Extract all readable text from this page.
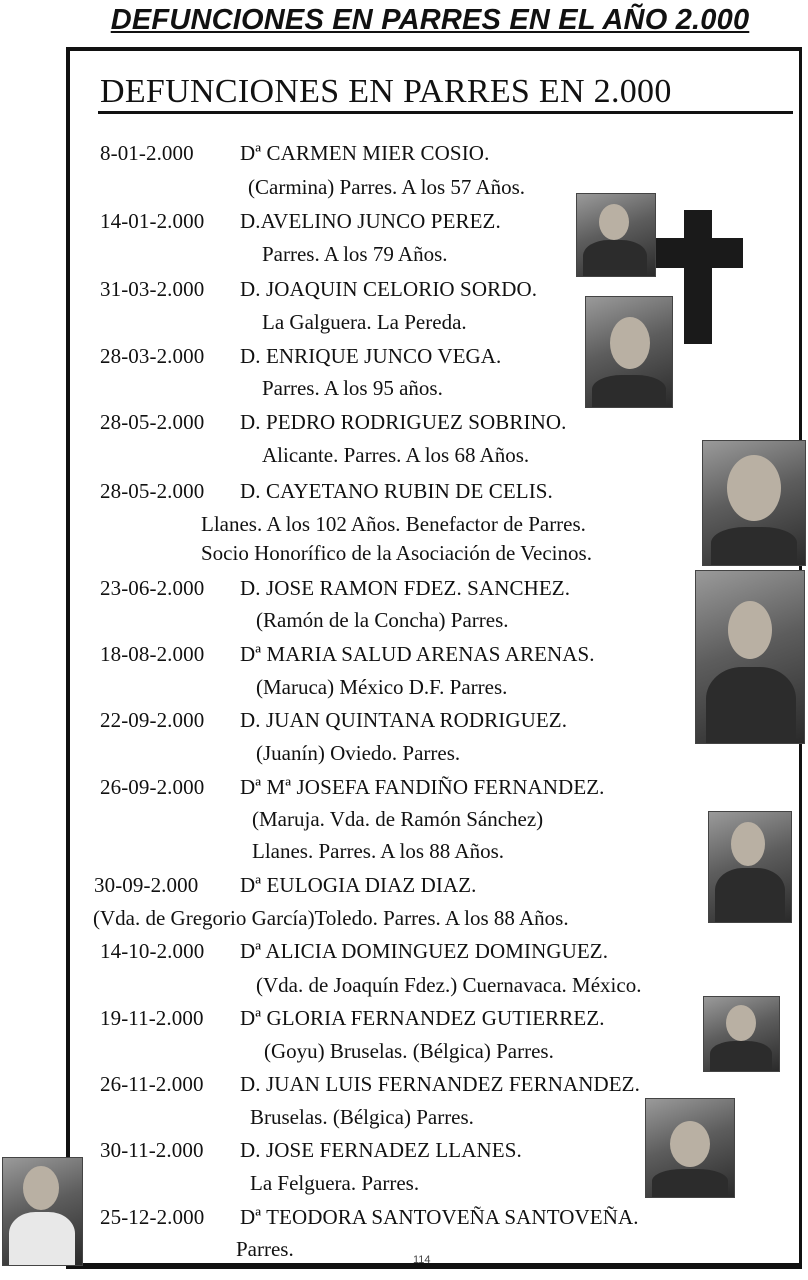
DEFUNCIONES EN PARRES EN EL AÑO 2.000
DEFUNCIONES EN PARRES EN 2.000
8-01-2.000 Dª CARMEN MIER COSIO.
(Carmina) Parres. A los 57 Años.
14-01-2.000 D.AVELINO JUNCO PEREZ.
Parres. A los 79 Años.
31-03-2.000 D. JOAQUIN CELORIO SORDO.
La Galguera. La Pereda.
28-03-2.000 D. ENRIQUE JUNCO VEGA.
Parres. A los 95 años.
28-05-2.000 D. PEDRO RODRIGUEZ SOBRINO.
Alicante. Parres. A los 68 Años.
28-05-2.000 D. CAYETANO RUBIN DE CELIS.
Llanes. A los 102 Años. Benefactor de Parres.
Socio Honorífico de la Asociación de Vecinos.
23-06-2.000 D. JOSE RAMON FDEZ. SANCHEZ.
(Ramón de la Concha) Parres.
18-08-2.000 Dª MARIA SALUD ARENAS ARENAS.
(Maruca) México D.F. Parres.
22-09-2.000 D. JUAN QUINTANA RODRIGUEZ.
(Juanín) Oviedo. Parres.
26-09-2.000 Dª Mª JOSEFA FANDIÑO FERNANDEZ.
(Maruja. Vda. de Ramón Sánchez)
Llanes. Parres. A los 88 Años.
30-09-2.000 Dª EULOGIA DIAZ DIAZ.
(Vda. de Gregorio García)Toledo. Parres. A los 88 Años.
14-10-2.000 Dª ALICIA DOMINGUEZ DOMINGUEZ.
(Vda. de Joaquín Fdez.) Cuernavaca. México.
19-11-2.000 Dª GLORIA FERNANDEZ GUTIERREZ.
(Goyu) Bruselas. (Bélgica) Parres.
26-11-2.000 D. JUAN LUIS FERNANDEZ FERNANDEZ.
Bruselas. (Bélgica) Parres.
30-11-2.000 D. JOSE FERNADEZ LLANES.
La Felguera. Parres.
25-12-2.000 Dª TEODORA SANTOVEÑA SANTOVEÑA.
Parres.	114
